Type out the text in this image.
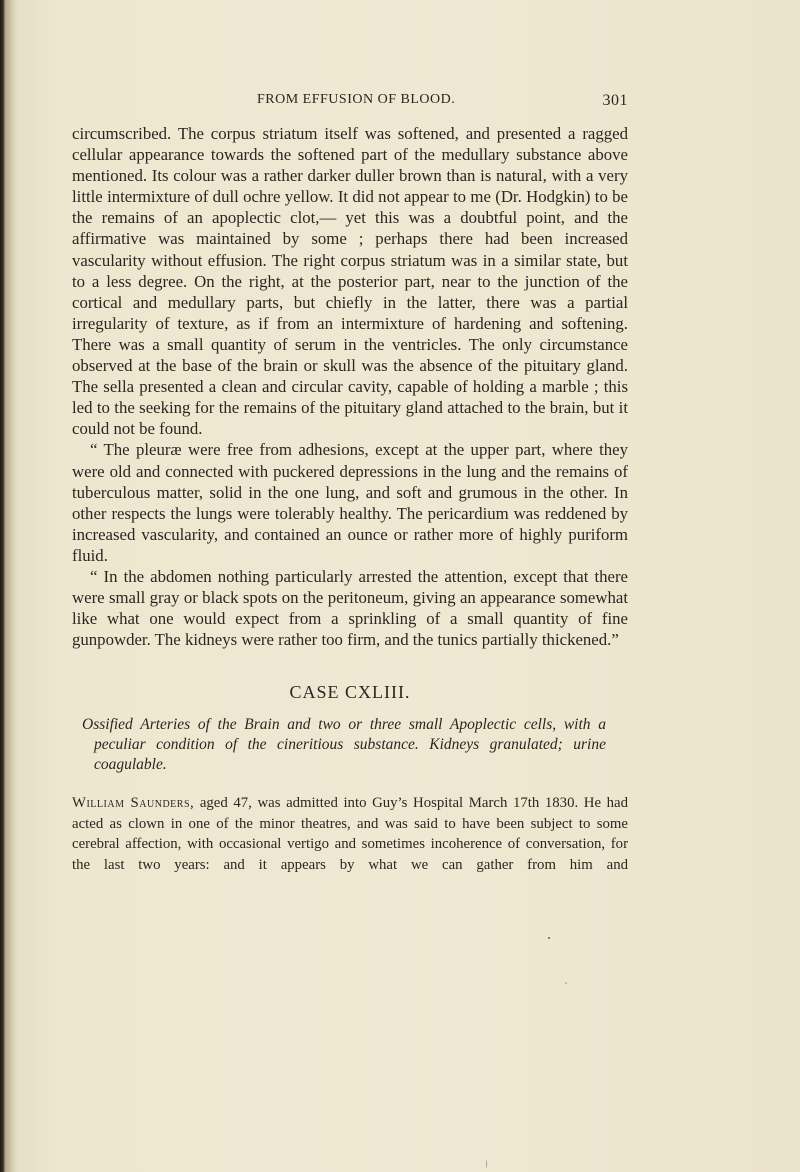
FROM EFFUSION OF BLOOD.	301

circumscribed. The corpus striatum itself was softened, and presented a ragged cellular appearance towards the softened part of the medullary substance above mentioned. Its colour was a rather darker duller brown than is natural, with a very little intermixture of dull ochre yellow. It did not appear to me (Dr. Hodgkin) to be the remains of an apoplectic clot,— yet this was a doubtful point, and the affirmative was maintained by some ; perhaps there had been increased vascularity without effusion. The right corpus striatum was in a similar state, but to a less degree. On the right, at the posterior part, near to the junction of the cortical and medullary parts, but chiefly in the latter, there was a partial irregularity of texture, as if from an intermixture of hardening and softening. There was a small quantity of serum in the ventricles. The only circumstance observed at the base of the brain or skull was the absence of the pituitary gland. The sella presented a clean and circular cavity, capable of holding a marble ; this led to the seeking for the remains of the pituitary gland attached to the brain, but it could not be found.

“ The pleuræ were free from adhesions, except at the upper part, where they were old and connected with puckered depressions in the lung and the remains of tuberculous matter, solid in the one lung, and soft and grumous in the other. In other respects the lungs were tolerably healthy. The pericardium was reddened by increased vascularity, and contained an ounce or rather more of highly puriform fluid.

“ In the abdomen nothing particularly arrested the attention, except that there were small gray or black spots on the peritoneum, giving an appearance somewhat like what one would expect from a sprinkling of a small quantity of fine gunpowder. The kidneys were rather too firm, and the tunics partially thickened.”

CASE CXLIII.

Ossified Arteries of the Brain and two or three small Apoplectic cells, with a peculiar condition of the cineritious substance. Kidneys granulated; urine coagulable.

William Saunders, aged 47, was admitted into Guy’s Hospital March 17th 1830. He had acted as clown in one of the minor theatres, and was said to have been subject to some cerebral affection, with occasional vertigo and sometimes incoherence of conversation, for the last two years: and it appears by what we can gather from him and
